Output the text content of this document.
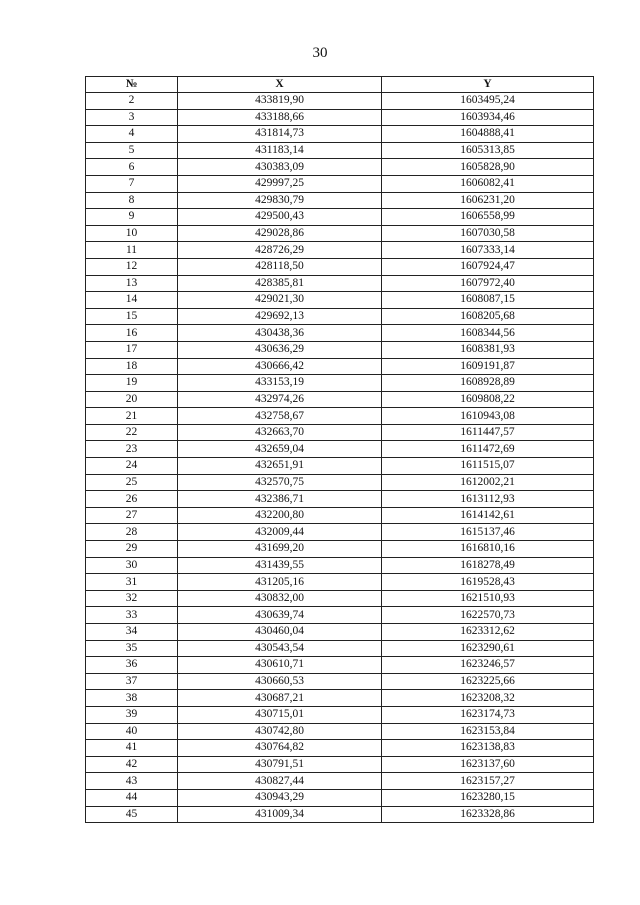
30
№	X	Y
2	433819,90	1603495,24
3	433188,66	1603934,46
4	431814,73	1604888,41
5	431183,14	1605313,85
6	430383,09	1605828,90
7	429997,25	1606082,41
8	429830,79	1606231,20
9	429500,43	1606558,99
10	429028,86	1607030,58
11	428726,29	1607333,14
12	428118,50	1607924,47
13	428385,81	1607972,40
14	429021,30	1608087,15
15	429692,13	1608205,68
16	430438,36	1608344,56
17	430636,29	1608381,93
18	430666,42	1609191,87
19	433153,19	1608928,89
20	432974,26	1609808,22
21	432758,67	1610943,08
22	432663,70	1611447,57
23	432659,04	1611472,69
24	432651,91	1611515,07
25	432570,75	1612002,21
26	432386,71	1613112,93
27	432200,80	1614142,61
28	432009,44	1615137,46
29	431699,20	1616810,16
30	431439,55	1618278,49
31	431205,16	1619528,43
32	430832,00	1621510,93
33	430639,74	1622570,73
34	430460,04	1623312,62
35	430543,54	1623290,61
36	430610,71	1623246,57
37	430660,53	1623225,66
38	430687,21	1623208,32
39	430715,01	1623174,73
40	430742,80	1623153,84
41	430764,82	1623138,83
42	430791,51	1623137,60
43	430827,44	1623157,27
44	430943,29	1623280,15
45	431009,34	1623328,86
